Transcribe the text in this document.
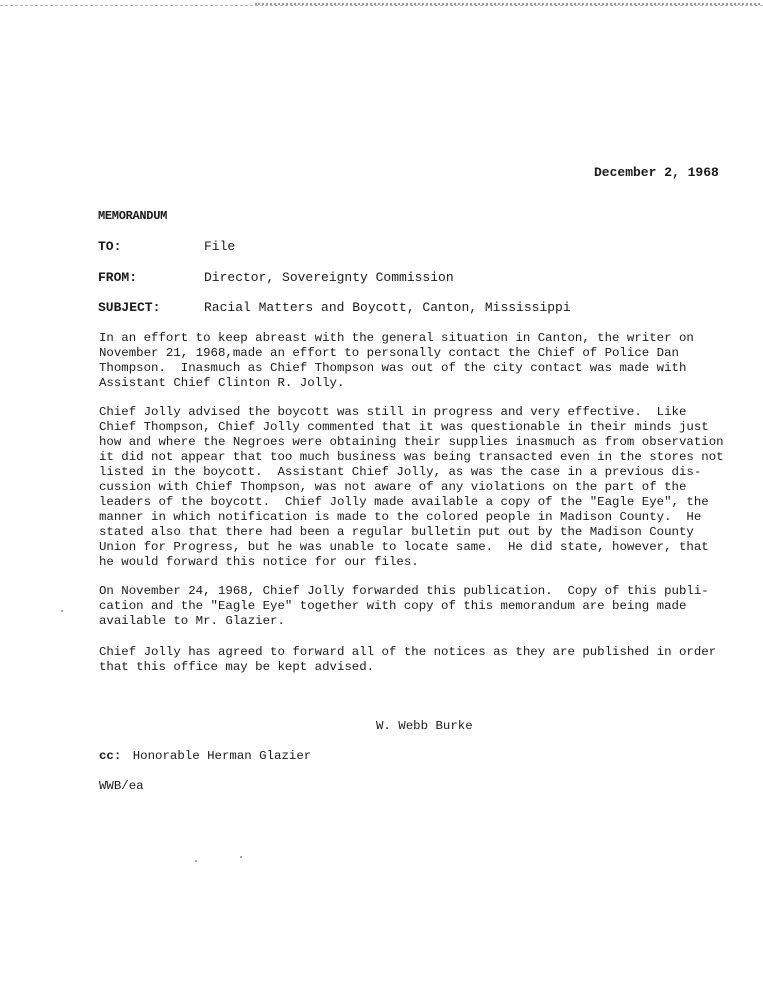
December 2, 1968
MEMORANDUM
TO:	File
FROM:	Director, Sovereignty Commission
SUBJECT:	Racial Matters and Boycott, Canton, Mississippi
In an effort to keep abreast with the general situation in Canton, the writer on
November 21, 1968,made an effort to personally contact the Chief of Police Dan
Thompson.  Inasmuch as Chief Thompson was out of the city contact was made with
Assistant Chief Clinton R. Jolly.
Chief Jolly advised the boycott was still in progress and very effective.  Like
Chief Thompson, Chief Jolly commented that it was questionable in their minds just
how and where the Negroes were obtaining their supplies inasmuch as from observation
it did not appear that too much business was being transacted even in the stores not
listed in the boycott.  Assistant Chief Jolly, as was the case in a previous dis-
cussion with Chief Thompson, was not aware of any violations on the part of the
leaders of the boycott.  Chief Jolly made available a copy of the "Eagle Eye", the
manner in which notification is made to the colored people in Madison County.  He
stated also that there had been a regular bulletin put out by the Madison County
Union for Progress, but he was unable to locate same.  He did state, however, that
he would forward this notice for our files.
On November 24, 1968, Chief Jolly forwarded this publication.  Copy of this publi-
cation and the "Eagle Eye" together with copy of this memorandum are being made
available to Mr. Glazier.
Chief Jolly has agreed to forward all of the notices as they are published in order
that this office may be kept advised.
W. Webb Burke
cc: Honorable Herman Glazier
WWB/ea
